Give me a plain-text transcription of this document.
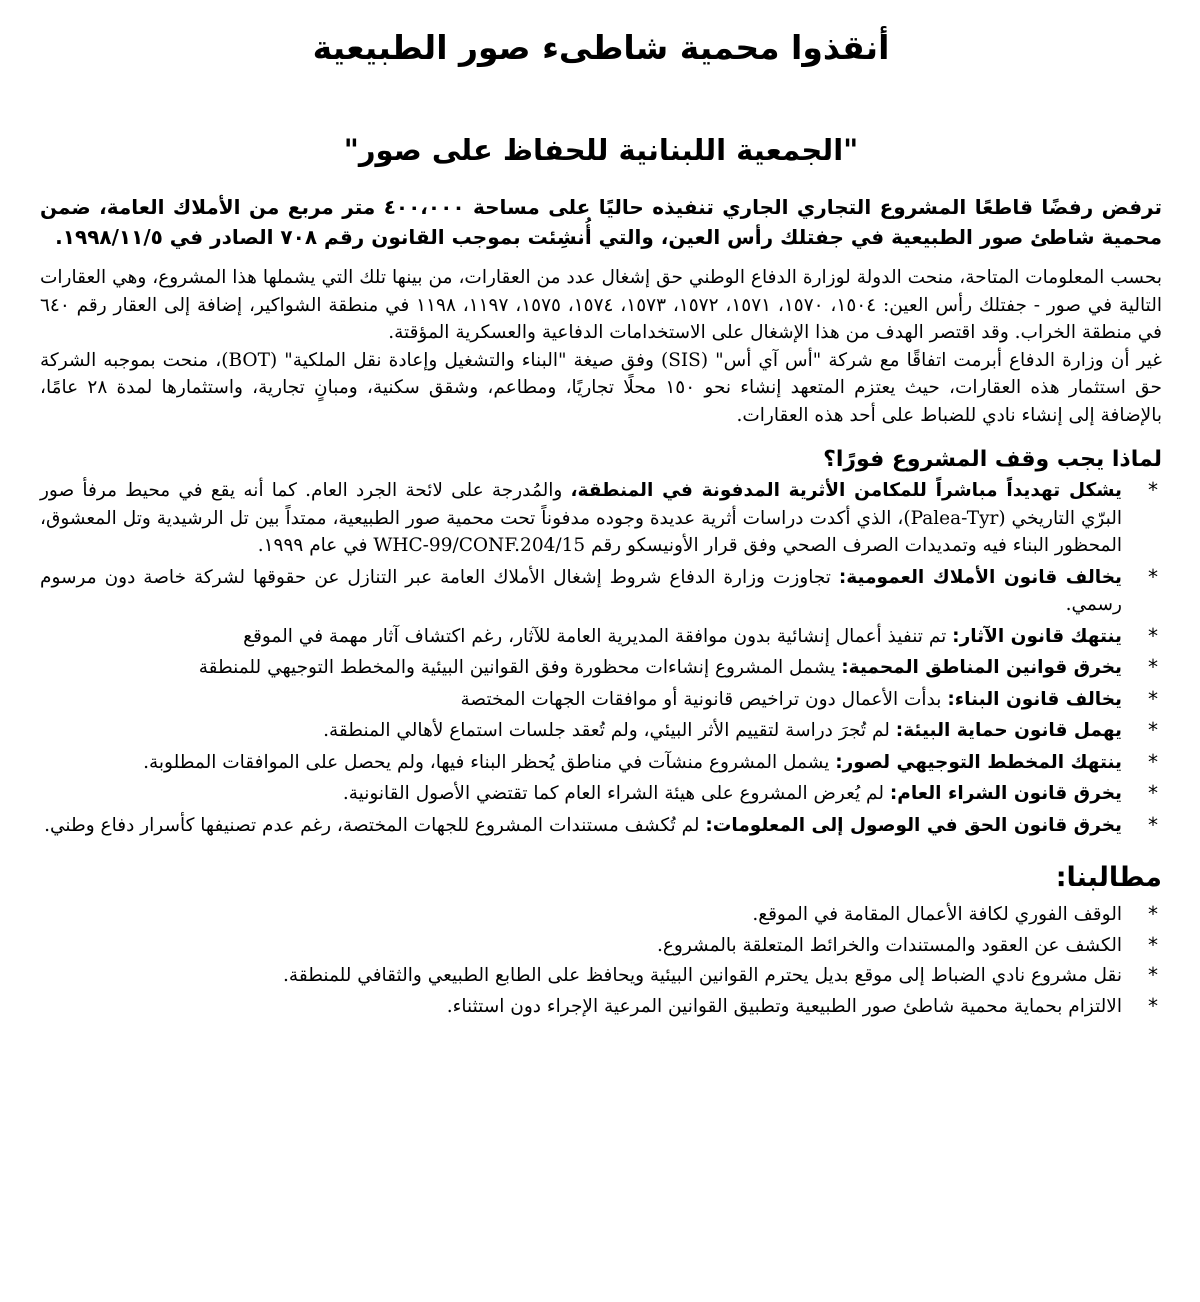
أنقذوا محمية شاطىء صور الطبيعية
"الجمعية اللبنانية للحفاظ على صور"

ترفض رفضًا قاطعًا المشروع التجاري الجاري تنفيذه حاليًا على مساحة ٤٠٠،٠٠٠ متر مربع من الأملاك العامة، ضمن محمية شاطئ صور الطبيعية في جفتلك رأس العين، والتي أُنشِئت بموجب القانون رقم ٧٠٨ الصادر في ١٩٩٨/١١/٥.

بحسب المعلومات المتاحة، منحت الدولة لوزارة الدفاع الوطني حق إشغال عدد من العقارات، من بينها تلك التي يشملها هذا المشروع، وهي العقارات التالية في صور - جفتلك رأس العين: ١٥٠٤، ١٥٧٠، ١٥٧١، ١٥٧٢، ١٥٧٣، ١٥٧٤، ١٥٧٥، ١١٩٧، ١١٩٨ في منطقة الشواكير، إضافة إلى العقار رقم ٦٤٠ في منطقة الخراب. وقد اقتصر الهدف من هذا الإشغال على الاستخدامات الدفاعية والعسكرية المؤقتة.

غير أن وزارة الدفاع أبرمت اتفاقًا مع شركة "أس آي أس" (SIS) وفق صيغة "البناء والتشغيل وإعادة نقل الملكية" (BOT)، منحت بموجبه الشركة حق استثمار هذه العقارات، حيث يعتزم المتعهد إنشاء نحو ١٥٠ محلًا تجاريًا، ومطاعم، وشقق سكنية، ومبانٍ تجارية، واستثمارها لمدة ٢٨ عامًا، بالإضافة إلى إنشاء نادي للضباط على أحد هذه العقارات.

لماذا يجب وقف المشروع فورًا؟
*
يشكل تهديداً مباشراً للمكامن الأثرية المدفونة في المنطقة، والمُدرجة على لائحة الجرد العام. كما أنه يقع في محيط مرفأ صور البرّي التاريخي (Palea-Tyr)، الذي أكدت دراسات أثرية عديدة وجوده مدفوناً تحت محمية صور الطبيعية، ممتداً بين تل الرشيدية وتل المعشوق، المحظور البناء فيه وتمديدات الصرف الصحي وفق قرار الأونيسكو رقم WHC-99/CONF.204/15 في عام ١٩٩٩.
*
يخالف قانون الأملاك العمومية: تجاوزت وزارة الدفاع شروط إشغال الأملاك العامة عبر التنازل عن حقوقها لشركة خاصة دون مرسوم رسمي.
*
ينتهك قانون الآثار: تم تنفيذ أعمال إنشائية بدون موافقة المديرية العامة للآثار، رغم اكتشاف آثار مهمة في الموقع
*
يخرق قوانين المناطق المحمية: يشمل المشروع إنشاءات محظورة وفق القوانين البيئية والمخطط التوجيهي للمنطقة
*
يخالف قانون البناء: بدأت الأعمال دون تراخيص قانونية أو موافقات الجهات المختصة
*
يهمل قانون حماية البيئة: لم تُجرَ دراسة لتقييم الأثر البيئي، ولم تُعقد جلسات استماع لأهالي المنطقة.
*
ينتهك المخطط التوجيهي لصور: يشمل المشروع منشآت في مناطق يُحظر البناء فيها، ولم يحصل على الموافقات المطلوبة.
*
يخرق قانون الشراء العام: لم يُعرض المشروع على هيئة الشراء العام كما تقتضي الأصول القانونية.
*
يخرق قانون الحق في الوصول إلى المعلومات: لم تُكشف مستندات المشروع للجهات المختصة، رغم عدم تصنيفها كأسرار دفاع وطني.
مطالبنا:
*
الوقف الفوري لكافة الأعمال المقامة في الموقع.
*
الكشف عن العقود والمستندات والخرائط المتعلقة بالمشروع.
*
نقل مشروع نادي الضباط إلى موقع بديل يحترم القوانين البيئية ويحافظ على الطابع الطبيعي والثقافي للمنطقة.
*
الالتزام بحماية محمية شاطئ صور الطبيعية وتطبيق القوانين المرعية الإجراء دون استثناء.
